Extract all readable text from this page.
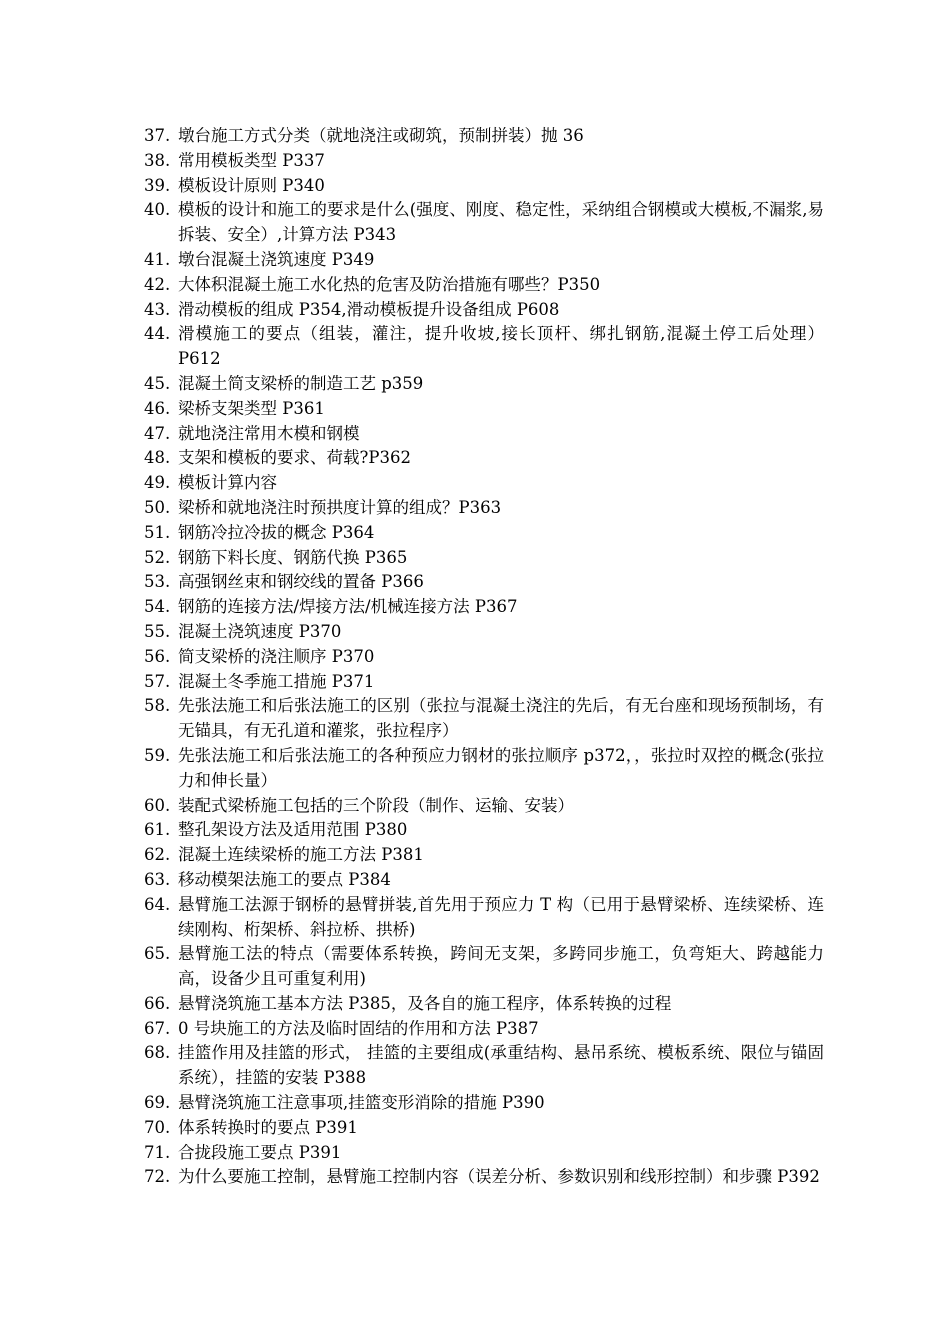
37. 墩台施工方式分类（就地浇注或砌筑，预制拼装）抛 36
38. 常用模板类型 P337
39. 模板设计原则 P340
40. 模板的设计和施工的要求是什么(强度、刚度、稳定性，采纳组合钢模或大模板,不漏浆,易拆装、安全）,计算方法 P343
41. 墩台混凝土浇筑速度 P349
42. 大体积混凝土施工水化热的危害及防治措施有哪些？P350
43. 滑动模板的组成 P354,滑动模板提升设备组成 P608
44. 滑模施工的要点（组装，灌注，提升收坡,接长顶杆、绑扎钢筋,混凝土停工后处理）P612
45. 混凝土简支梁桥的制造工艺 p359
46. 梁桥支架类型 P361
47. 就地浇注常用木模和钢模
48. 支架和模板的要求、荷载?P362
49. 模板计算内容
50. 梁桥和就地浇注时预拱度计算的组成？P363
51. 钢筋冷拉冷拔的概念 P364
52. 钢筋下料长度、钢筋代换 P365
53. 高强钢丝束和钢绞线的置备 P366
54. 钢筋的连接方法/焊接方法/机械连接方法 P367
55. 混凝土浇筑速度 P370
56. 简支梁桥的浇注顺序 P370
57. 混凝土冬季施工措施 P371
58. 先张法施工和后张法施工的区别（张拉与混凝土浇注的先后，有无台座和现场预制场，有无锚具，有无孔道和灌浆，张拉程序）
59. 先张法施工和后张法施工的各种预应力钢材的张拉顺序 p372，，张拉时双控的概念(张拉力和伸长量）
60. 装配式梁桥施工包括的三个阶段（制作、运输、安装）
61. 整孔架设方法及适用范围 P380
62. 混凝土连续梁桥的施工方法 P381
63. 移动模架法施工的要点 P384
64. 悬臂施工法源于钢桥的悬臂拼装,首先用于预应力 T 构（已用于悬臂梁桥、连续梁桥、连续刚构、桁架桥、斜拉桥、拱桥)
65. 悬臂施工法的特点（需要体系转换，跨间无支架，多跨同步施工，负弯矩大、跨越能力高，设备少且可重复利用)
66. 悬臂浇筑施工基本方法 P385，及各自的施工程序，体系转换的过程
67. 0 号块施工的方法及临时固结的作用和方法 P387
68. 挂篮作用及挂篮的形式， 挂篮的主要组成(承重结构、悬吊系统、模板系统、限位与锚固系统），挂篮的安装 P388
69. 悬臂浇筑施工注意事项,挂篮变形消除的措施 P390
70. 体系转换时的要点 P391
71. 合拢段施工要点 P391
72. 为什么要施工控制，悬臂施工控制内容（误差分析、参数识别和线形控制）和步骤 P392
